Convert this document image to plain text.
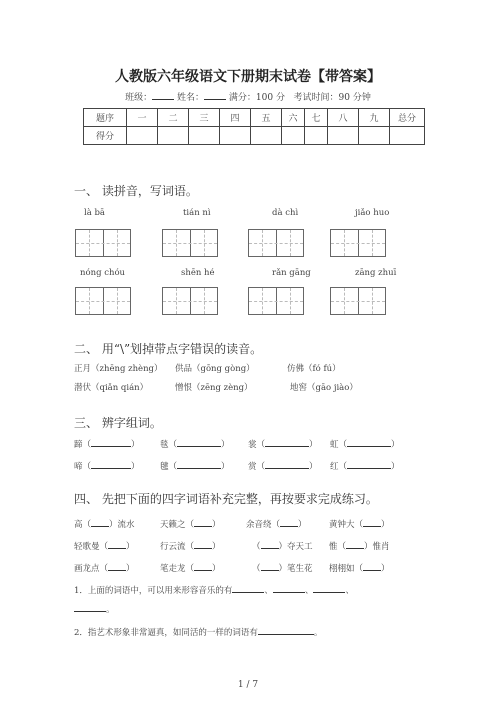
人教版六年级语文下册期末试卷【带答案】
班级：	姓名：	满分：100 分 考试时间：90 分钟
题序	一	二	三	四	五	六	七	八	九	总分
得分										
一、 读拼音，写词语。
là bā	tián nì	dà chì	jiǎo huo
nóng chóu	shēn hé	rǎn gāng	zāng zhuī
二、 用“\”划掉带点字错误的读音。
正月（zhēng zhèng） 供品（gōng gòng）	仿佛（fó fú）
潜伏（qiǎn qián）	憎恨（zēng zèng）	地窖（gāo jiào）
三、 辨字组词。
蹄（	） 毯（	） 裳（	） 虹（	）
啼（	） 毽（	） 赏（	） 红（	）
四、 先把下面的四字词语补充完整，再按要求完成练习。
高（ ）流水	天籁之（ ）	余音绕（ ）	黄钟大（ ）
轻歌曼（ ）	行云流（ ）	（ ）夺天工 惟（ ）惟肖
画龙点（ ）	笔走龙（ ）	（ ）笔生花 栩栩如（ ）
1．上面的词语中，可以用来形容音乐的有	、	、	、
。
2．指艺术形象非常逼真，如同活的一样的词语有	。
1 / 7
